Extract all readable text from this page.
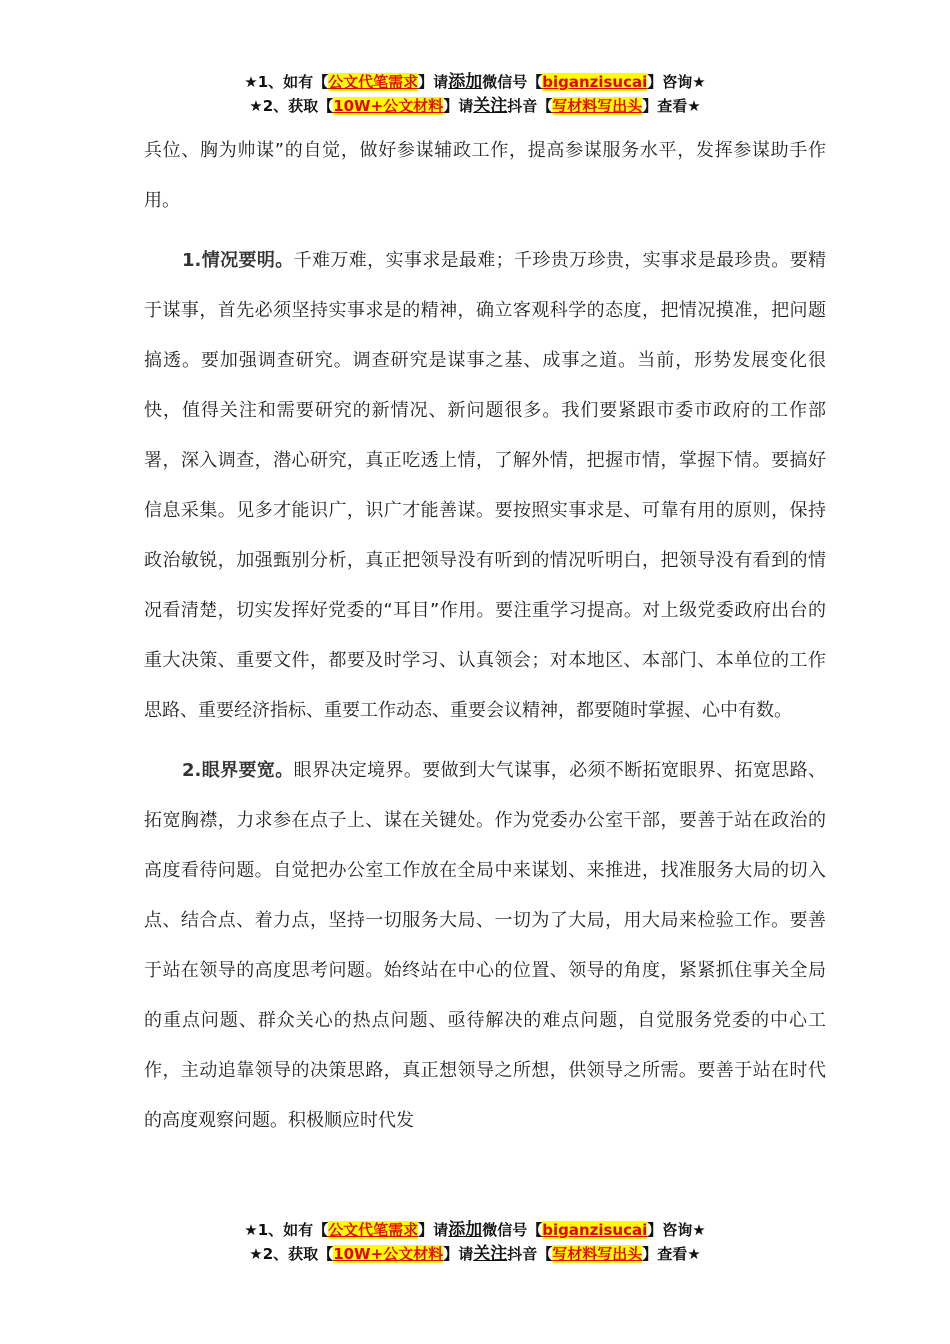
★1、如有【公文代笔需求】请添加微信号【biganzisucai】咨询★
★2、获取【10W+公文材料】请关注抖音【写材料写出头】查看★

兵位、胸为帅谋”的自觉，做好参谋辅政工作，提高参谋服务水平，发挥参谋助手作用。

1.情况要明。千难万难，实事求是最难；千珍贵万珍贵，实事求是最珍贵。要精于谋事，首先必须坚持实事求是的精神，确立客观科学的态度，把情况摸准，把问题搞透。要加强调查研究。调查研究是谋事之基、成事之道。当前，形势发展变化很快，值得关注和需要研究的新情况、新问题很多。我们要紧跟市委市政府的工作部署，深入调查，潜心研究，真正吃透上情，了解外情，把握市情，掌握下情。要搞好信息采集。见多才能识广，识广才能善谋。要按照实事求是、可靠有用的原则，保持政治敏锐，加强甄别分析，真正把领导没有听到的情况听明白，把领导没有看到的情况看清楚，切实发挥好党委的“耳目”作用。要注重学习提高。对上级党委政府出台的重大决策、重要文件，都要及时学习、认真领会；对本地区、本部门、本单位的工作思路、重要经济指标、重要工作动态、重要会议精神，都要随时掌握、心中有数。

2.眼界要宽。眼界决定境界。要做到大气谋事，必须不断拓宽眼界、拓宽思路、拓宽胸襟，力求参在点子上、谋在关键处。作为党委办公室干部，要善于站在政治的高度看待问题。自觉把办公室工作放在全局中来谋划、来推进，找准服务大局的切入点、结合点、着力点，坚持一切服务大局、一切为了大局，用大局来检验工作。要善于站在领导的高度思考问题。始终站在中心的位置、领导的角度，紧紧抓住事关全局的重点问题、群众关心的热点问题、亟待解决的难点问题，自觉服务党委的中心工作，主动追靠领导的决策思路，真正想领导之所想，供领导之所需。要善于站在时代的高度观察问题。积极顺应时代发

★1、如有【公文代笔需求】请添加微信号【biganzisucai】咨询★
★2、获取【10W+公文材料】请关注抖音【写材料写出头】查看★
